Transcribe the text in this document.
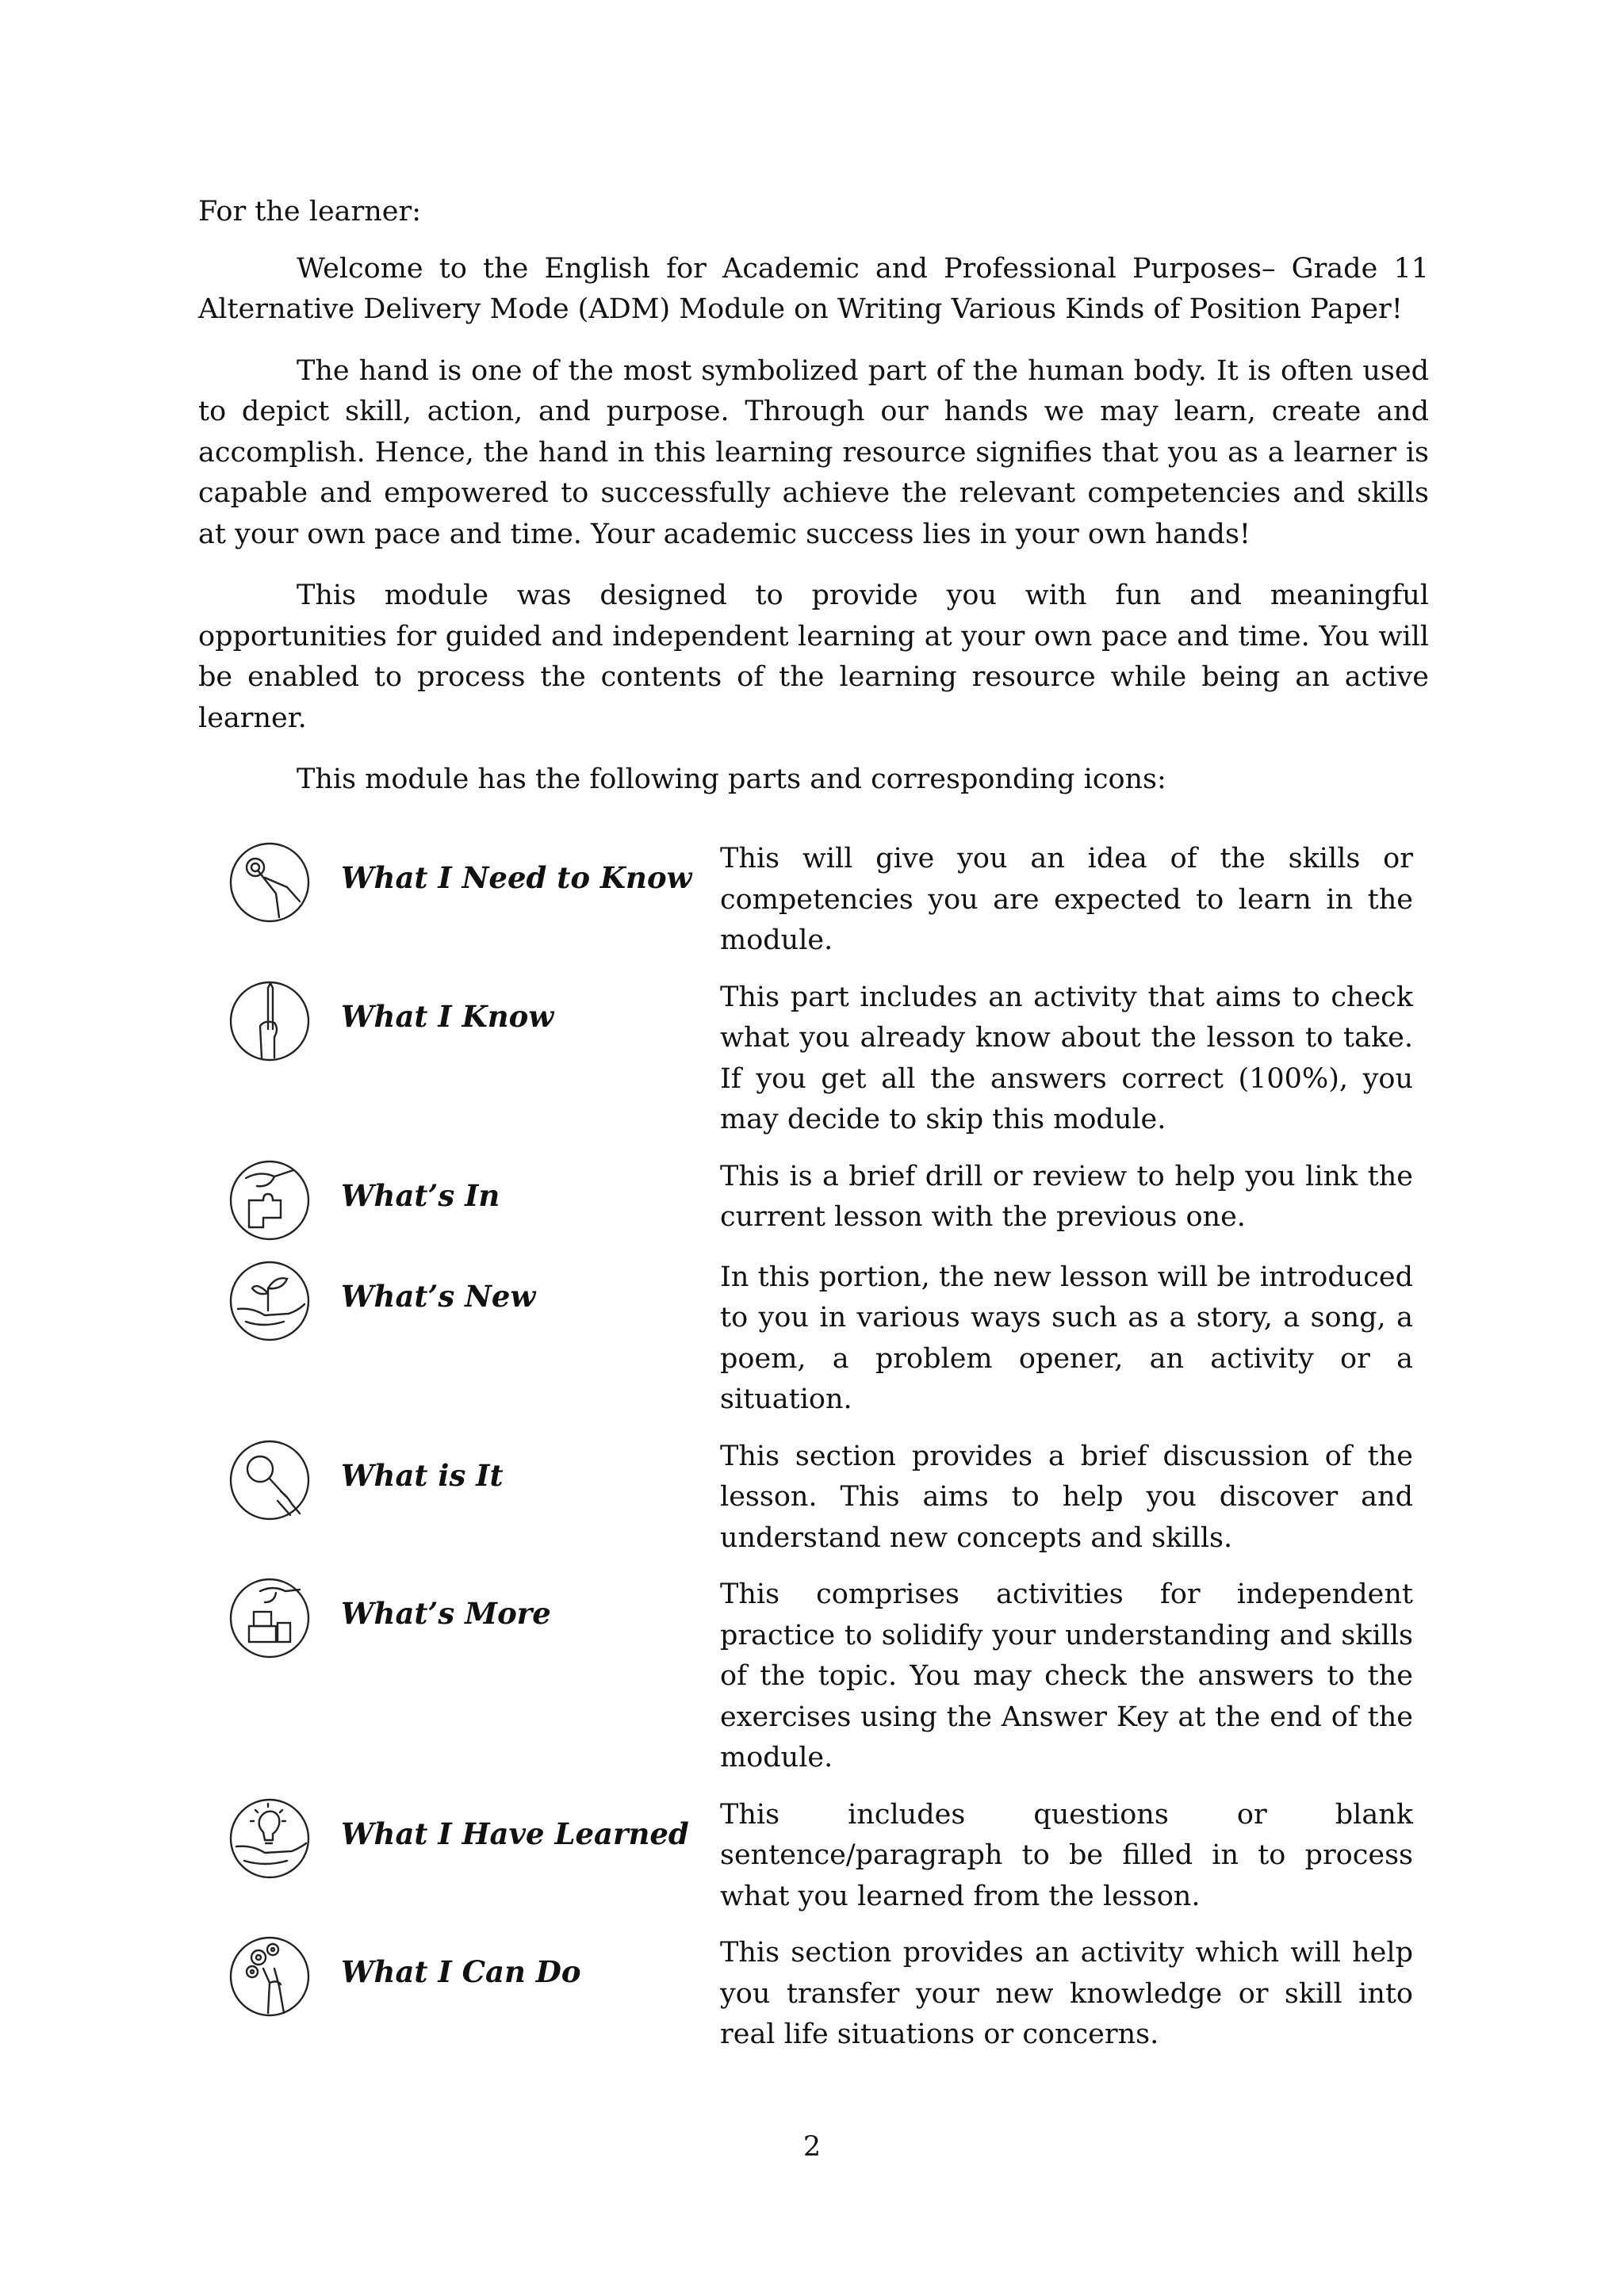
For the learner:

Welcome to the English for Academic and Professional Purposes– Grade 11 Alternative Delivery Mode (ADM) Module on Writing Various Kinds of Position Paper!

The hand is one of the most symbolized part of the human body. It is often used to depict skill, action, and purpose. Through our hands we may learn, create and accomplish. Hence, the hand in this learning resource signifies that you as a learner is capable and empowered to successfully achieve the relevant competencies and skills at your own pace and time. Your academic success lies in your own hands!

This module was designed to provide you with fun and meaningful opportunities for guided and independent learning at your own pace and time. You will be enabled to process the contents of the learning resource while being an active learner.

This module has the following parts and corresponding icons:

What I Need to Know
This will give you an idea of the skills or competencies you are expected to learn in the module.
What I Know
This part includes an activity that aims to check what you already know about the lesson to take. If you get all the answers correct (100%), you may decide to skip this module.
What’s In
This is a brief drill or review to help you link the current lesson with the previous one.
What’s New
In this portion, the new lesson will be introduced to you in various ways such as a story, a song, a poem, a problem opener, an activity or a situation.
What is It
This section provides a brief discussion of the lesson. This aims to help you discover and understand new concepts and skills.
What’s More
This comprises activities for independent practice to solidify your understanding and skills of the topic. You may check the answers to the exercises using the Answer Key at the end of the module.
What I Have Learned
This includes questions or blank sentence/paragraph to be filled in to process what you learned from the lesson.
What I Can Do
This section provides an activity which will help you transfer your new knowledge or skill into real life situations or concerns.
2
